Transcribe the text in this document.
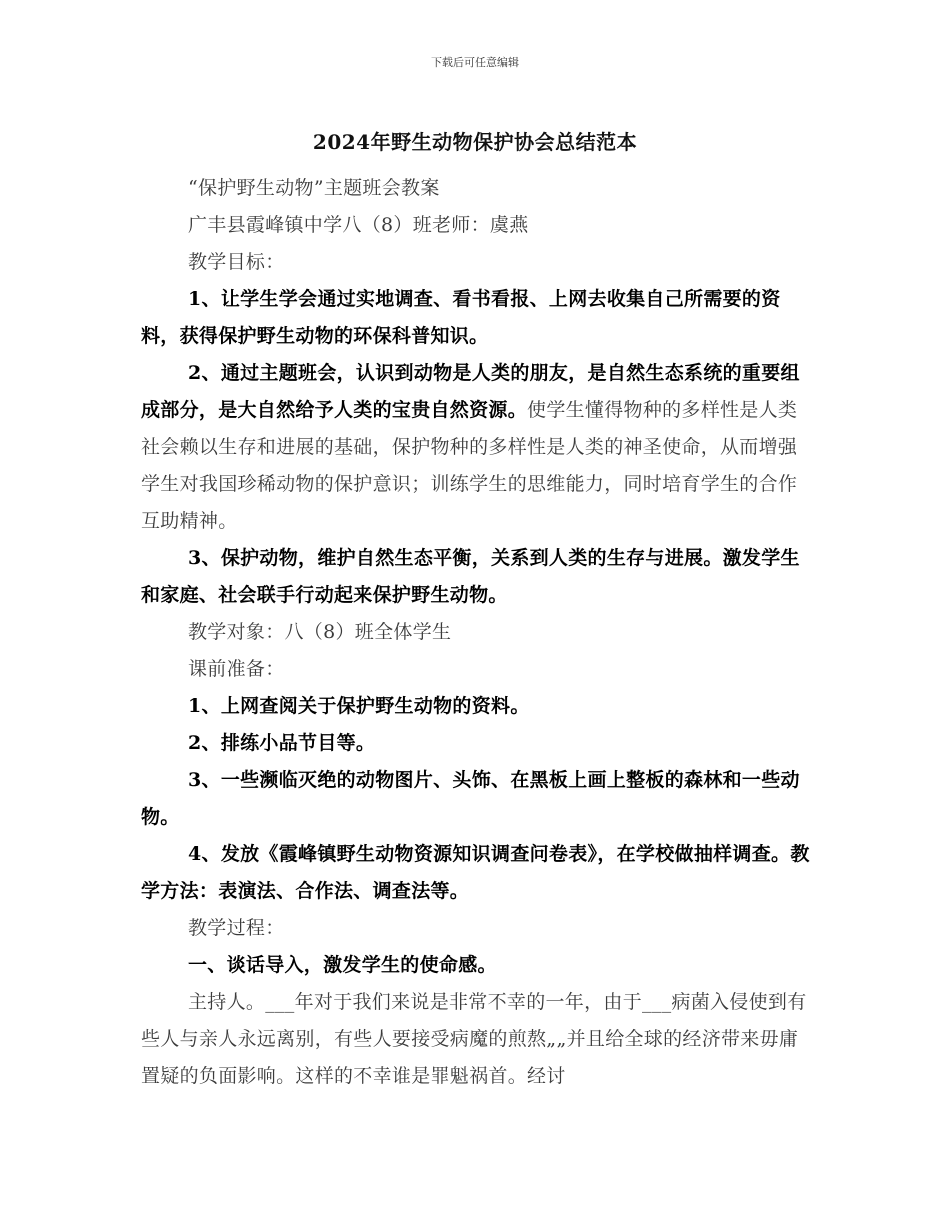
下载后可任意编辑
2024年野生动物保护协会总结范本

“保护野生动物”主题班会教案

广丰县霞峰镇中学八（8）班老师：虞燕

教学目标：

1、让学生学会通过实地调查、看书看报、上网去收集自己所需要的资料，获得保护野生动物的环保科普知识。

2、通过主题班会，认识到动物是人类的朋友，是自然生态系统的重要组成部分，是大自然给予人类的宝贵自然资源。使学生懂得物种的多样性是人类社会赖以生存和进展的基础，保护物种的多样性是人类的神圣使命，从而增强学生对我国珍稀动物的保护意识；训练学生的思维能力，同时培育学生的合作互助精神。

3、保护动物，维护自然生态平衡，关系到人类的生存与进展。激发学生和家庭、社会联手行动起来保护野生动物。

教学对象：八（8）班全体学生

课前准备：

1、上网查阅关于保护野生动物的资料。

2、排练小品节目等。

3、一些濒临灭绝的动物图片、头饰、在黑板上画上整板的森林和一些动物。

4、发放《霞峰镇野生动物资源知识调查问卷表》，在学校做抽样调查。教学方法：表演法、合作法、调查法等。

教学过程：

一、谈话导入，激发学生的使命感。

主持人。___年对于我们来说是非常不幸的一年，由于___病菌入侵使到有些人与亲人永远离别，有些人要接受病魔的煎熬„„并且给全球的经济带来毋庸置疑的负面影响。这样的不幸谁是罪魁祸首。经讨
